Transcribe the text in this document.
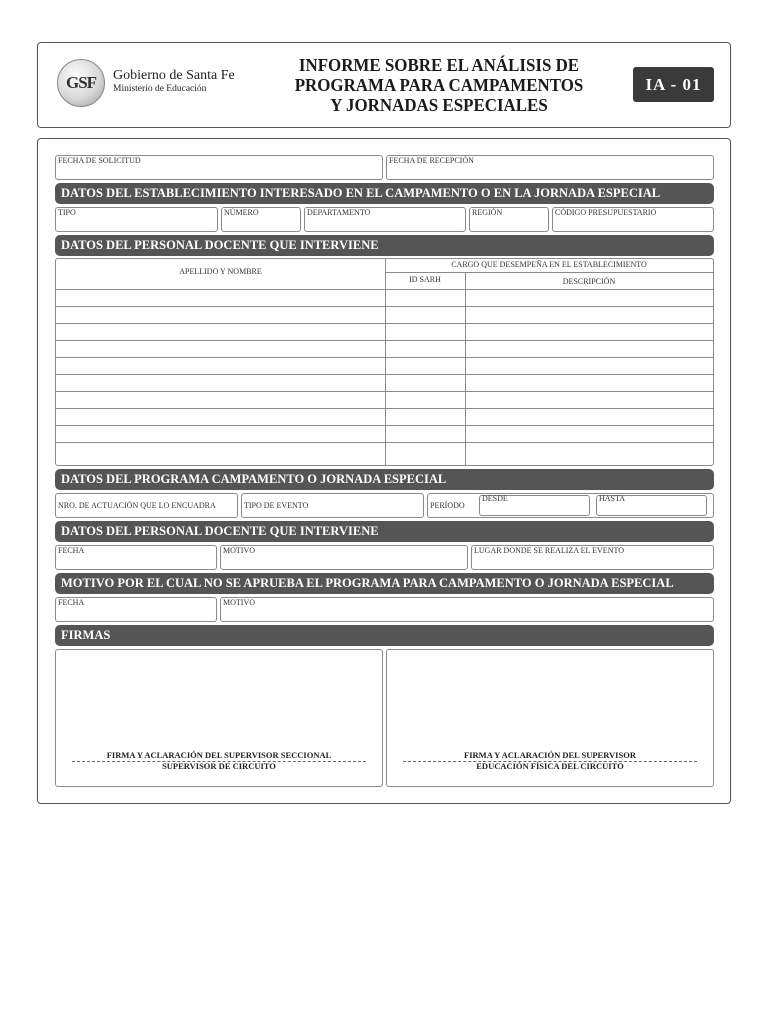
GSF Gobierno de Santa Fe
Ministerio de Educación
INFORME SOBRE EL ANÁLISIS DE
PROGRAMA PARA CAMPAMENTOS
Y JORNADAS ESPECIALES
IA - 01
FECHA DE SOLICITUD	FECHA DE RECEPCIÓN
DATOS DEL ESTABLECIMIENTO INTERESADO EN EL CAMPAMENTO O EN LA JORNADA ESPECIAL
TIPO	NÚMERO	DEPARTAMENTO	REGIÓN	CÓDIGO PRESUPUESTARIO
DATOS DEL PERSONAL DOCENTE QUE INTERVIENE
APELLIDO Y NOMBRE
CARGO QUE DESEMPEÑA EN EL ESTABLECIMIENTO
ID SARH	DESCRIPCIÓN
DATOS DEL PROGRAMA CAMPAMENTO O JORNADA ESPECIAL
NRO. DE ACTUACIÓN QUE LO ENCUADRA	TIPO DE EVENTO	PERÍODO
DESDE	HASTA
DATOS DEL PERSONAL DOCENTE QUE INTERVIENE
FECHA	MOTIVO	LUGAR DONDE SE REALIZA EL EVENTO
MOTIVO POR EL CUAL NO SE APRUEBA EL PROGRAMA PARA CAMPAMENTO O JORNADA ESPECIAL
FECHA	MOTIVO
FIRMAS
FIRMA Y ACLARACIÓN DEL SUPERVISOR SECCIONAL
SUPERVISOR DE CIRCUITO
FIRMA Y ACLARACIÓN DEL SUPERVISOR
EDUCACIÓN FÍSICA DEL CIRCUITO
